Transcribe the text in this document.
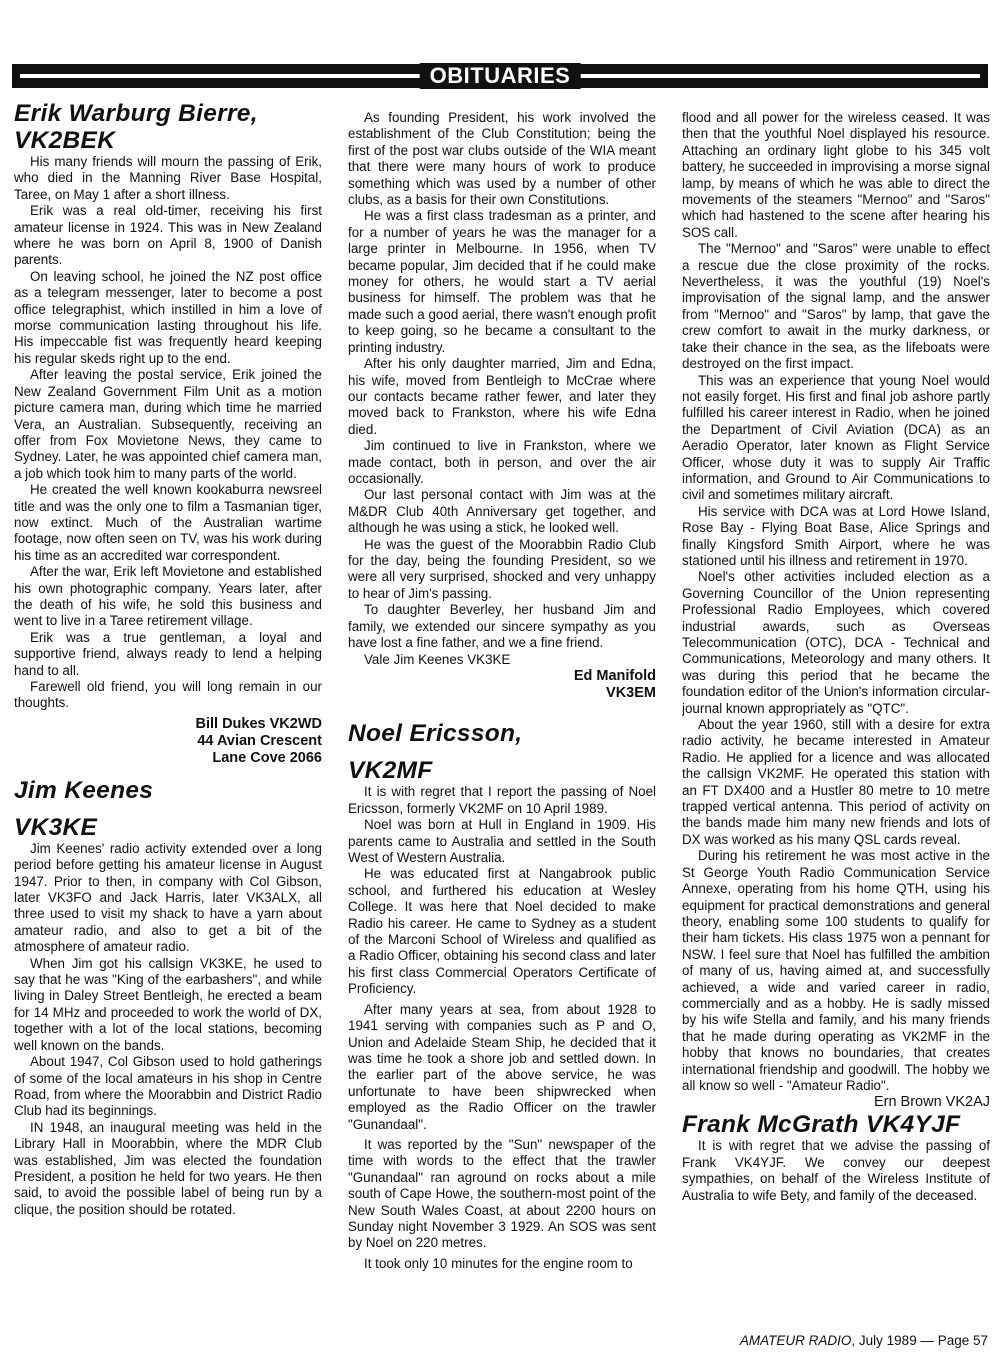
OBITUARIES
Erik Warburg Bierre,
VK2BEK

His many friends will mourn the passing of Erik, who died in the Manning River Base Hospital, Taree, on May 1 after a short illness.

Erik was a real old-timer, receiving his first amateur license in 1924. This was in New Zealand where he was born on April 8, 1900 of Danish parents.

On leaving school, he joined the NZ post office as a telegram messenger, later to become a post office telegraphist, which instilled in him a love of morse communication lasting throughout his life. His impeccable fist was frequently heard keeping his regular skeds right up to the end.

After leaving the postal service, Erik joined the New Zealand Government Film Unit as a motion picture camera man, during which time he married Vera, an Australian. Subsequently, receiving an offer from Fox Movietone News, they came to Sydney. Later, he was appointed chief camera man, a job which took him to many parts of the world.

He created the well known kookaburra newsreel title and was the only one to film a Tasmanian tiger, now extinct. Much of the Australian wartime footage, now often seen on TV, was his work during his time as an accredited war correspondent.

After the war, Erik left Movietone and established his own photographic company. Years later, after the death of his wife, he sold this business and went to live in a Taree retirement village.

Erik was a true gentleman, a loyal and supportive friend, always ready to lend a helping hand to all.

Farewell old friend, you will long remain in our thoughts.

Bill Dukes VK2WD
44 Avian Crescent
Lane Cove 2066
Jim Keenes
VK3KE

Jim Keenes' radio activity extended over a long period before getting his amateur license in August 1947. Prior to then, in company with Col Gibson, later VK3FO and Jack Harris, later VK3ALX, all three used to visit my shack to have a yarn about amateur radio, and also to get a bit of the atmosphere of amateur radio.

When Jim got his callsign VK3KE, he used to say that he was "King of the earbashers", and while living in Daley Street Bentleigh, he erected a beam for 14 MHz and proceeded to work the world of DX, together with a lot of the local stations, becoming well known on the bands.

About 1947, Col Gibson used to hold gatherings of some of the local amateurs in his shop in Centre Road, from where the Moorabbin and District Radio Club had its beginnings.

IN 1948, an inaugural meeting was held in the Library Hall in Moorabbin, where the MDR Club was established, Jim was elected the foundation President, a position he held for two years. He then said, to avoid the possible label of being run by a clique, the position should be rotated.

As founding President, his work involved the establishment of the Club Constitution; being the first of the post war clubs outside of the WIA meant that there were many hours of work to produce something which was used by a number of other clubs, as a basis for their own Constitutions.

He was a first class tradesman as a printer, and for a number of years he was the manager for a large printer in Melbourne. In 1956, when TV became popular, Jim decided that if he could make money for others, he would start a TV aerial business for himself. The problem was that he made such a good aerial, there wasn't enough profit to keep going, so he became a consultant to the printing industry.

After his only daughter married, Jim and Edna, his wife, moved from Bentleigh to McCrae where our contacts became rather fewer, and later they moved back to Frankston, where his wife Edna died.

Jim continued to live in Frankston, where we made contact, both in person, and over the air occasionally.

Our last personal contact with Jim was at the M&DR Club 40th Anniversary get together, and although he was using a stick, he looked well.

He was the guest of the Moorabbin Radio Club for the day, being the founding President, so we were all very surprised, shocked and very unhappy to hear of Jim's passing.

To daughter Beverley, her husband Jim and family, we extended our sincere sympathy as you have lost a fine father, and we a fine friend.

Vale Jim Keenes VK3KE
Ed Manifold
VK3EM
Noel Ericsson,
VK2MF

It is with regret that I report the passing of Noel Ericsson, formerly VK2MF on 10 April 1989.

Noel was born at Hull in England in 1909. His parents came to Australia and settled in the South West of Western Australia.

He was educated first at Nangabrook public school, and furthered his education at Wesley College. It was here that Noel decided to make Radio his career. He came to Sydney as a student of the Marconi School of Wireless and qualified as a Radio Officer, obtaining his second class and later his first class Commercial Operators Certificate of Proficiency.

After many years at sea, from about 1928 to 1941 serving with companies such as P and O, Union and Adelaide Steam Ship, he decided that it was time he took a shore job and settled down. In the earlier part of the above service, he was unfortunate to have been shipwrecked when employed as the Radio Officer on the trawler "Gunandaal".

It was reported by the "Sun" newspaper of the time with words to the effect that the trawler "Gunandaal" ran aground on rocks about a mile south of Cape Howe, the southern-most point of the New South Wales Coast, at about 2200 hours on Sunday night November 3 1929. An SOS was sent by Noel on 220 metres.

It took only 10 minutes for the engine room to

flood and all power for the wireless ceased. It was then that the youthful Noel displayed his resource. Attaching an ordinary light globe to his 345 volt battery, he succeeded in improvising a morse signal lamp, by means of which he was able to direct the movements of the steamers "Mernoo" and "Saros" which had hastened to the scene after hearing his SOS call.

The "Mernoo" and "Saros" were unable to effect a rescue due the close proximity of the rocks. Nevertheless, it was the youthful (19) Noel's improvisation of the signal lamp, and the answer from "Mernoo" and "Saros" by lamp, that gave the crew comfort to await in the murky darkness, or take their chance in the sea, as the lifeboats were destroyed on the first impact.

This was an experience that young Noel would not easily forget. His first and final job ashore partly fulfilled his career interest in Radio, when he joined the Department of Civil Aviation (DCA) as an Aeradio Operator, later known as Flight Service Officer, whose duty it was to supply Air Traffic information, and Ground to Air Communications to civil and sometimes military aircraft.

His service with DCA was at Lord Howe Island, Rose Bay - Flying Boat Base, Alice Springs and finally Kingsford Smith Airport, where he was stationed until his illness and retirement in 1970.

Noel's other activities included election as a Governing Councillor of the Union representing Professional Radio Employees, which covered industrial awards, such as Overseas Telecommunication (OTC), DCA - Technical and Communications, Meteorology and many others. It was during this period that he became the foundation editor of the Union's information circular-journal known appropriately as "QTC".

About the year 1960, still with a desire for extra radio activity, he became interested in Amateur Radio. He applied for a licence and was allocated the callsign VK2MF. He operated this station with an FT DX400 and a Hustler 80 metre to 10 metre trapped vertical antenna. This period of activity on the bands made him many new friends and lots of DX was worked as his many QSL cards reveal.

During his retirement he was most active in the St George Youth Radio Communication Service Annexe, operating from his home QTH, using his equipment for practical demonstrations and general theory, enabling some 100 students to qualify for their ham tickets. His class 1975 won a pennant for NSW. I feel sure that Noel has fulfilled the ambition of many of us, having aimed at, and successfully achieved, a wide and varied career in radio, commercially and as a hobby. He is sadly missed by his wife Stella and family, and his many friends that he made during operating as VK2MF in the hobby that knows no boundaries, that creates international friendship and goodwill. The hobby we all know so well - "Amateur Radio".

Ern Brown VK2AJ
Frank McGrath VK4YJF

It is with regret that we advise the passing of Frank VK4YJF. We convey our deepest sympathies, on behalf of the Wireless Institute of Australia to wife Bety, and family of the deceased.

AMATEUR RADIO, July 1989 — Page 57
